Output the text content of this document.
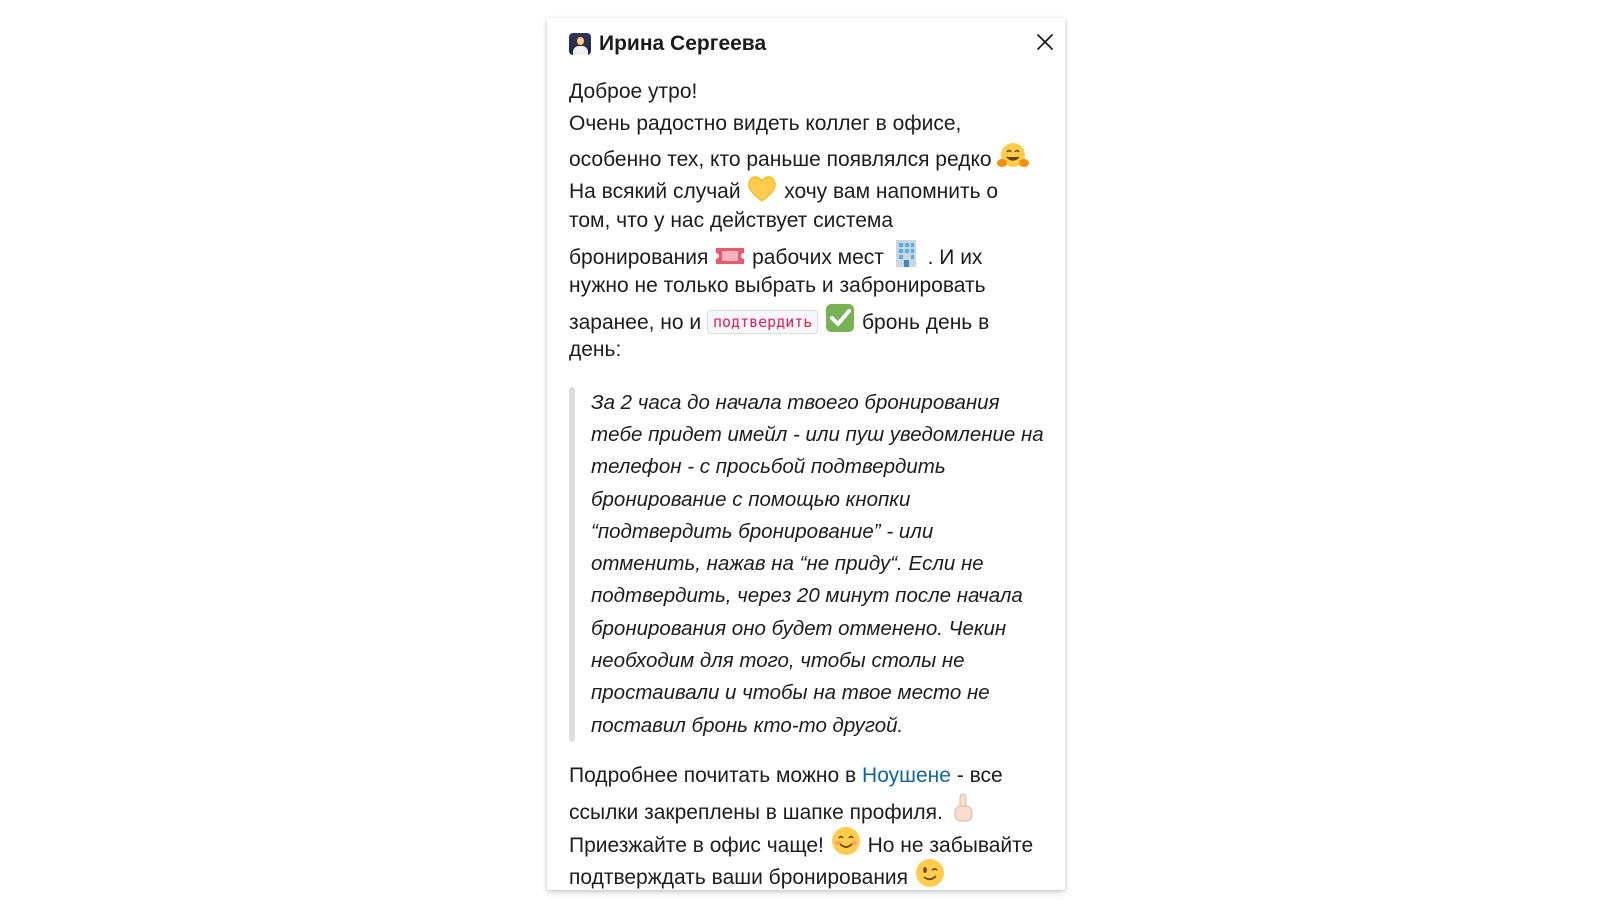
Ирина Сергеева
Доброе утро!
Очень радостно видеть коллег в офисе,
особенно тех, кто раньше появлялся редко
На всякий случай хочу вам напомнить о
том, что у нас действует система
бронирования рабочих мест . И их
нужно не только выбрать и забронировать
заранее, но и подтвердить бронь день в
день:
За 2 часа до начала твоего бронирования
тебе придет имейл - или пуш уведомление на
телефон - с просьбой подтвердить
бронирование с помощью кнопки
“подтвердить бронирование” - или
отменить, нажав на “не приду“. Если не
подтвердить, через 20 минут после начала
бронирования оно будет отменено. Чекин
необходим для того, чтобы столы не
простаивали и чтобы на твое место не
поставил бронь кто-то другой.
Подробнее почитать можно в Ноушене - все
ссылки закреплены в шапке профиля.
Приезжайте в офис чаще! Но не забывайте
подтверждать ваши бронирования
